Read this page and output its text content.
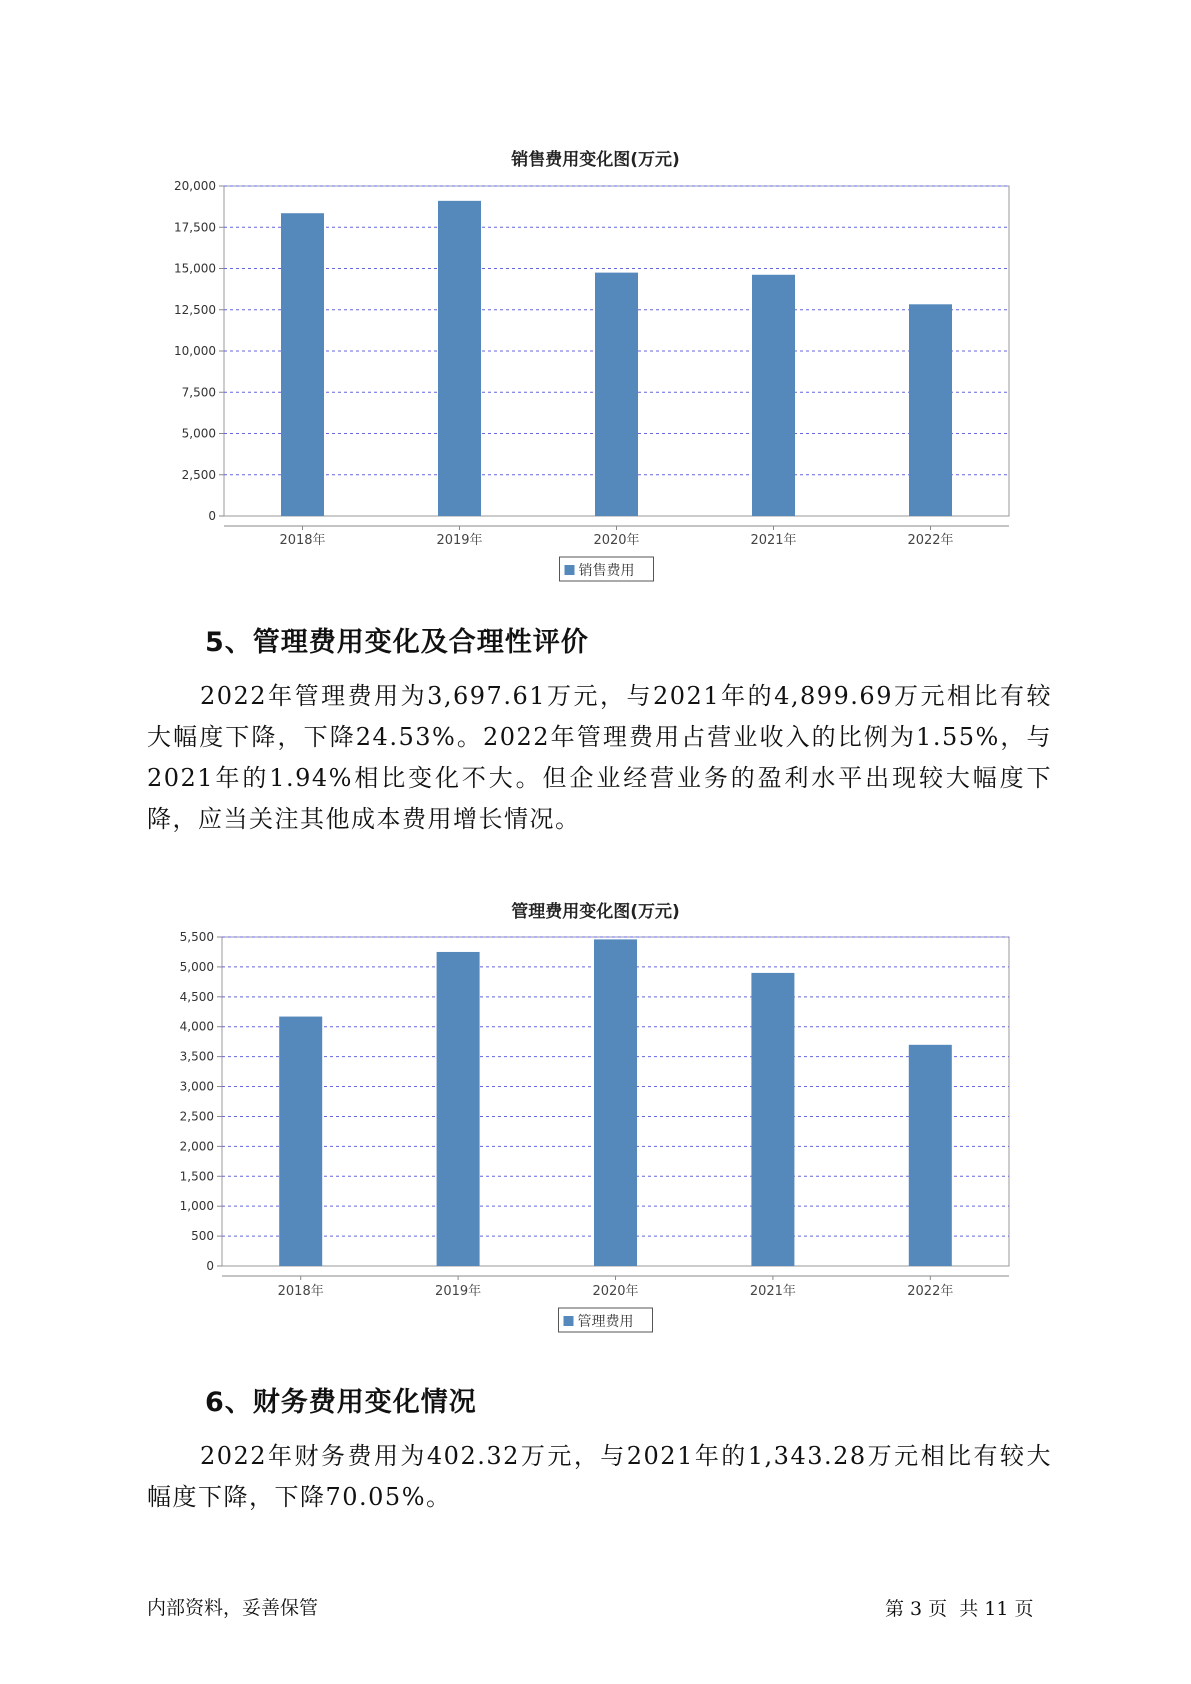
销售费用变化图(万元)
0
2,500
5,000
7,500
10,000
12,500
15,000
17,500
20,000
2018年	2019年	2020年	2021年	2022年
销售费用
5、管理费用变化及合理性评价

2022年管理费用为3,697.61万元，与2021年的4,899.69万元相比有较大幅度下降，下降24.53%。2022年管理费用占营业收入的比例为1.55%，与2021年的1.94%相比变化不大。但企业经营业务的盈利水平出现较大幅度下降，应当关注其他成本费用增长情况。

管理费用变化图(万元)
0
500
1,000
1,500
2,000
2,500
3,000
3,500
4,000
4,500
5,000
5,500
2018年	2019年	2020年	2021年	2022年
管理费用
6、财务费用变化情况

2022年财务费用为402.32万元，与2021年的1,343.28万元相比有较大幅度下降，下降70.05%。

内部资料，妥善保管	第 3 页  共 11 页
